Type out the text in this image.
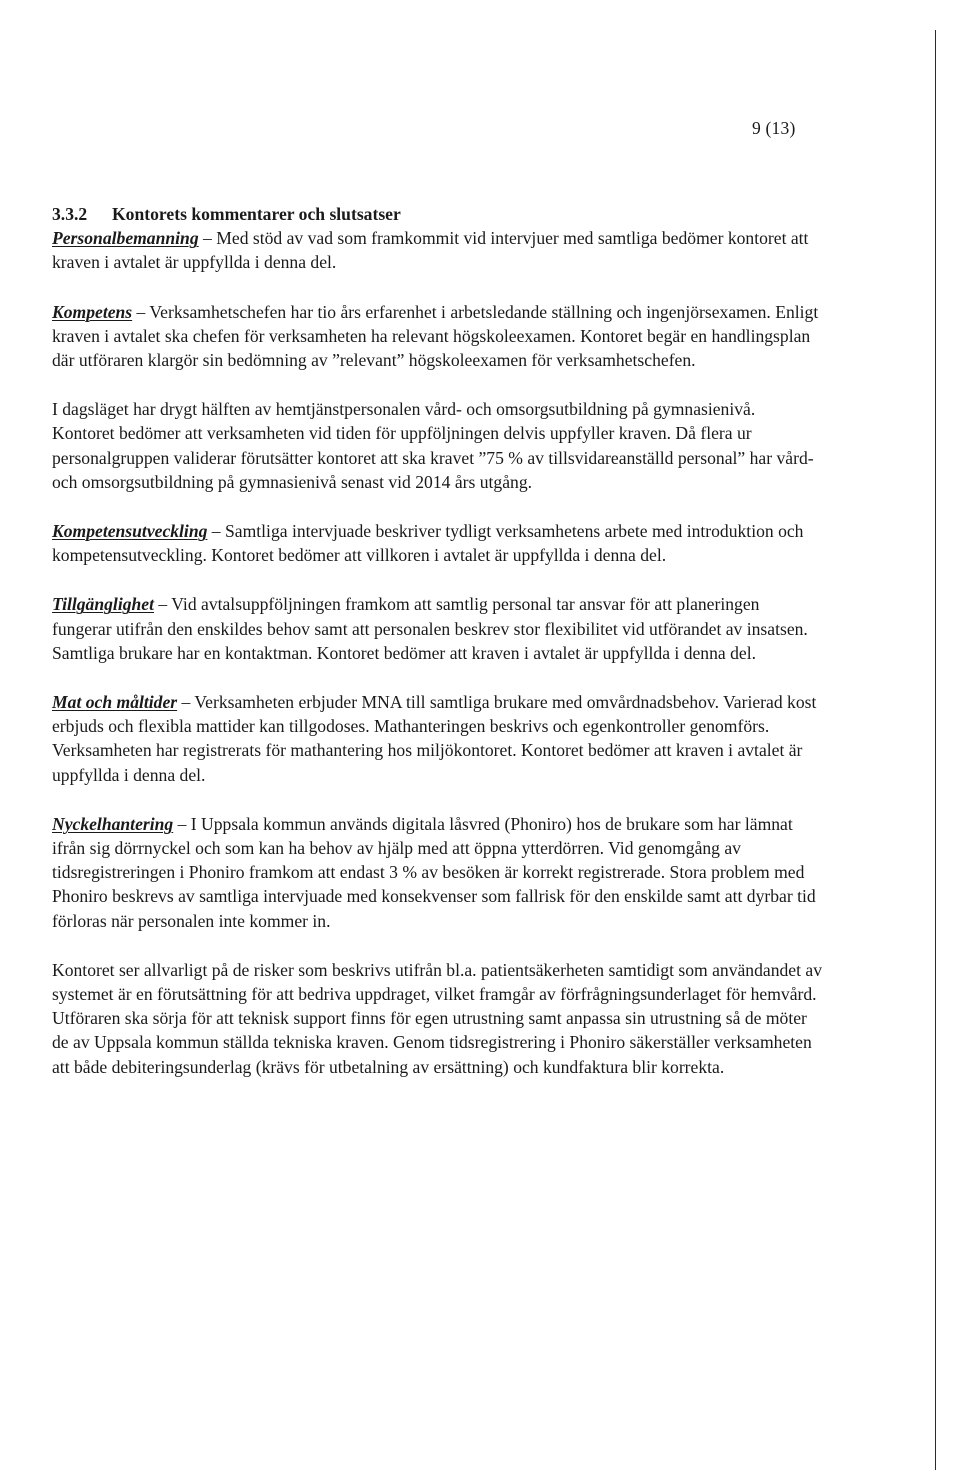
9 (13)
3.3.2 Kontorets kommentarer och slutsatser

Personalbemanning – Med stöd av vad som framkommit vid intervjuer med samtliga bedömer kontoret att kraven i avtalet är uppfyllda i denna del.

Kompetens – Verksamhetschefen har tio års erfarenhet i arbetsledande ställning och ingenjörsexamen. Enligt kraven i avtalet ska chefen för verksamheten ha relevant högskoleexamen. Kontoret begär en handlingsplan där utföraren klargör sin bedömning av ”relevant” högskoleexamen för verksamhetschefen.

I dagsläget har drygt hälften av hemtjänstpersonalen vård- och omsorgsutbildning på gymnasienivå. Kontoret bedömer att verksamheten vid tiden för uppföljningen delvis uppfyller kraven. Då flera ur personalgruppen validerar förutsätter kontoret att ska kravet ”75 % av tillsvidareanställd personal” har vård- och omsorgsutbildning på gymnasienivå senast vid 2014 års utgång.

Kompetensutveckling – Samtliga intervjuade beskriver tydligt verksamhetens arbete med introduktion och kompetensutveckling. Kontoret bedömer att villkoren i avtalet är uppfyllda i denna del.

Tillgänglighet – Vid avtalsuppföljningen framkom att samtlig personal tar ansvar för att planeringen fungerar utifrån den enskildes behov samt att personalen beskrev stor flexibilitet vid utförandet av insatsen. Samtliga brukare har en kontaktman. Kontoret bedömer att kraven i avtalet är uppfyllda i denna del.

Mat och måltider – Verksamheten erbjuder MNA till samtliga brukare med omvårdnadsbehov. Varierad kost erbjuds och flexibla mattider kan tillgodoses. Mathanteringen beskrivs och egenkontroller genomförs. Verksamheten har registrerats för mathantering hos miljökontoret. Kontoret bedömer att kraven i avtalet är uppfyllda i denna del.

Nyckelhantering – I Uppsala kommun används digitala låsvred (Phoniro) hos de brukare som har lämnat ifrån sig dörrnyckel och som kan ha behov av hjälp med att öppna ytterdörren. Vid genomgång av tidsregistreringen i Phoniro framkom att endast 3 % av besöken är korrekt registrerade. Stora problem med Phoniro beskrevs av samtliga intervjuade med konsekvenser som fallrisk för den enskilde samt att dyrbar tid förloras när personalen inte kommer in.

Kontoret ser allvarligt på de risker som beskrivs utifrån bl.a. patientsäkerheten samtidigt som användandet av systemet är en förutsättning för att bedriva uppdraget, vilket framgår av förfrågningsunderlaget för hemvård. Utföraren ska sörja för att teknisk support finns för egen utrustning samt anpassa sin utrustning så de möter de av Uppsala kommun ställda tekniska kraven. Genom tidsregistrering i Phoniro säkerställer verksamheten att både debiteringsunderlag (krävs för utbetalning av ersättning) och kundfaktura blir korrekta.
